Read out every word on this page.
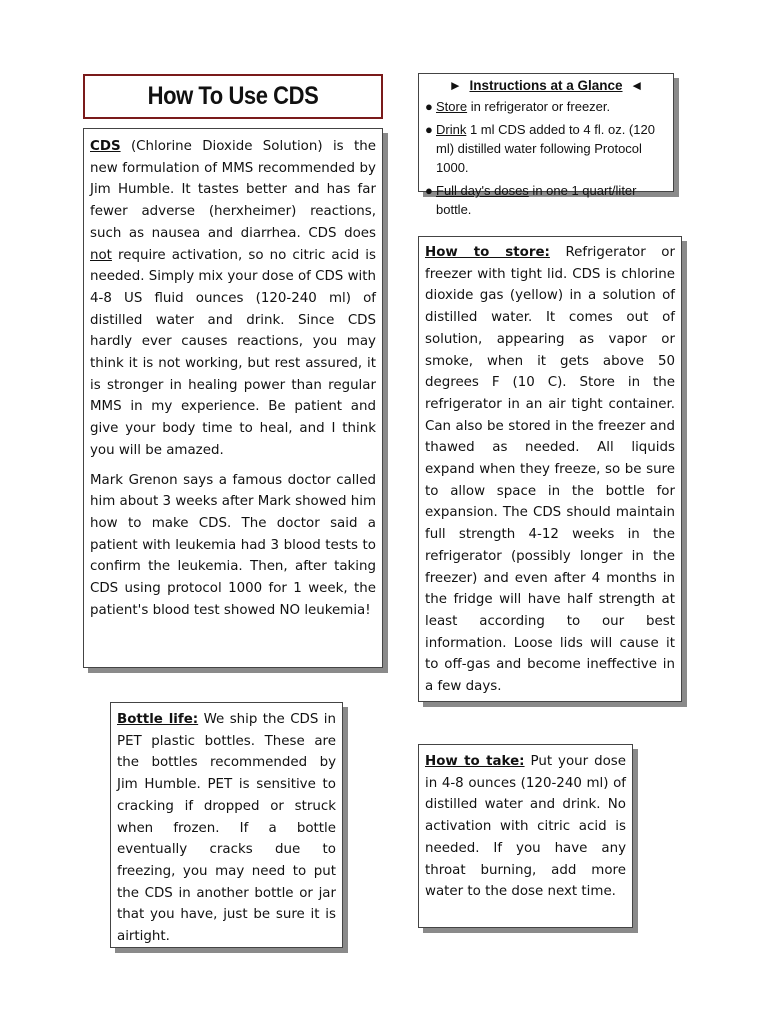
How To Use CDS

CDS (Chlorine Dioxide Solution) is the new formulation of MMS recommended by Jim Humble. It tastes better and has far fewer adverse (herxheimer) reactions, such as nausea and diarrhea. CDS does not require activation, so no citric acid is needed. Simply mix your dose of CDS with 4-8 US fluid ounces (120-240 ml) of distilled water and drink. Since CDS hardly ever causes reactions, you may think it is not working, but rest assured, it is stronger in healing power than regular MMS in my experience. Be patient and give your body time to heal, and I think you will be amazed.

Mark Grenon says a famous doctor called him about 3 weeks after Mark showed him how to make CDS. The doctor said a patient with leukemia had 3 blood tests to confirm the leukemia. Then, after taking CDS using protocol 1000 for 1 week, the patient's blood test showed NO leukemia!

► Instructions at a Glance ◄
● Store in refrigerator or freezer.
● Drink 1 ml CDS added to 4 fl. oz. (120 ml) distilled water following Protocol 1000.
● Full day's doses in one 1 quart/liter bottle.

How to store: Refrigerator or freezer with tight lid. CDS is chlorine dioxide gas (yellow) in a solution of distilled water. It comes out of solution, appearing as vapor or smoke, when it gets above 50 degrees F (10 C). Store in the refrigerator in an air tight container. Can also be stored in the freezer and thawed as needed. All liquids expand when they freeze, so be sure to allow space in the bottle for expansion. The CDS should maintain full strength 4-12 weeks in the refrigerator (possibly longer in the freezer) and even after 4 months in the fridge will have half strength at least according to our best information. Loose lids will cause it to off-gas and become ineffective in a few days.

Bottle life: We ship the CDS in PET plastic bottles. These are the bottles recommended by Jim Humble. PET is sensitive to cracking if dropped or struck when frozen. If a bottle eventually cracks due to freezing, you may need to put the CDS in another bottle or jar that you have, just be sure it is airtight.

How to take: Put your dose in 4-8 ounces (120-240 ml) of distilled water and drink. No activation with citric acid is needed. If you have any throat burning, add more water to the dose next time.
